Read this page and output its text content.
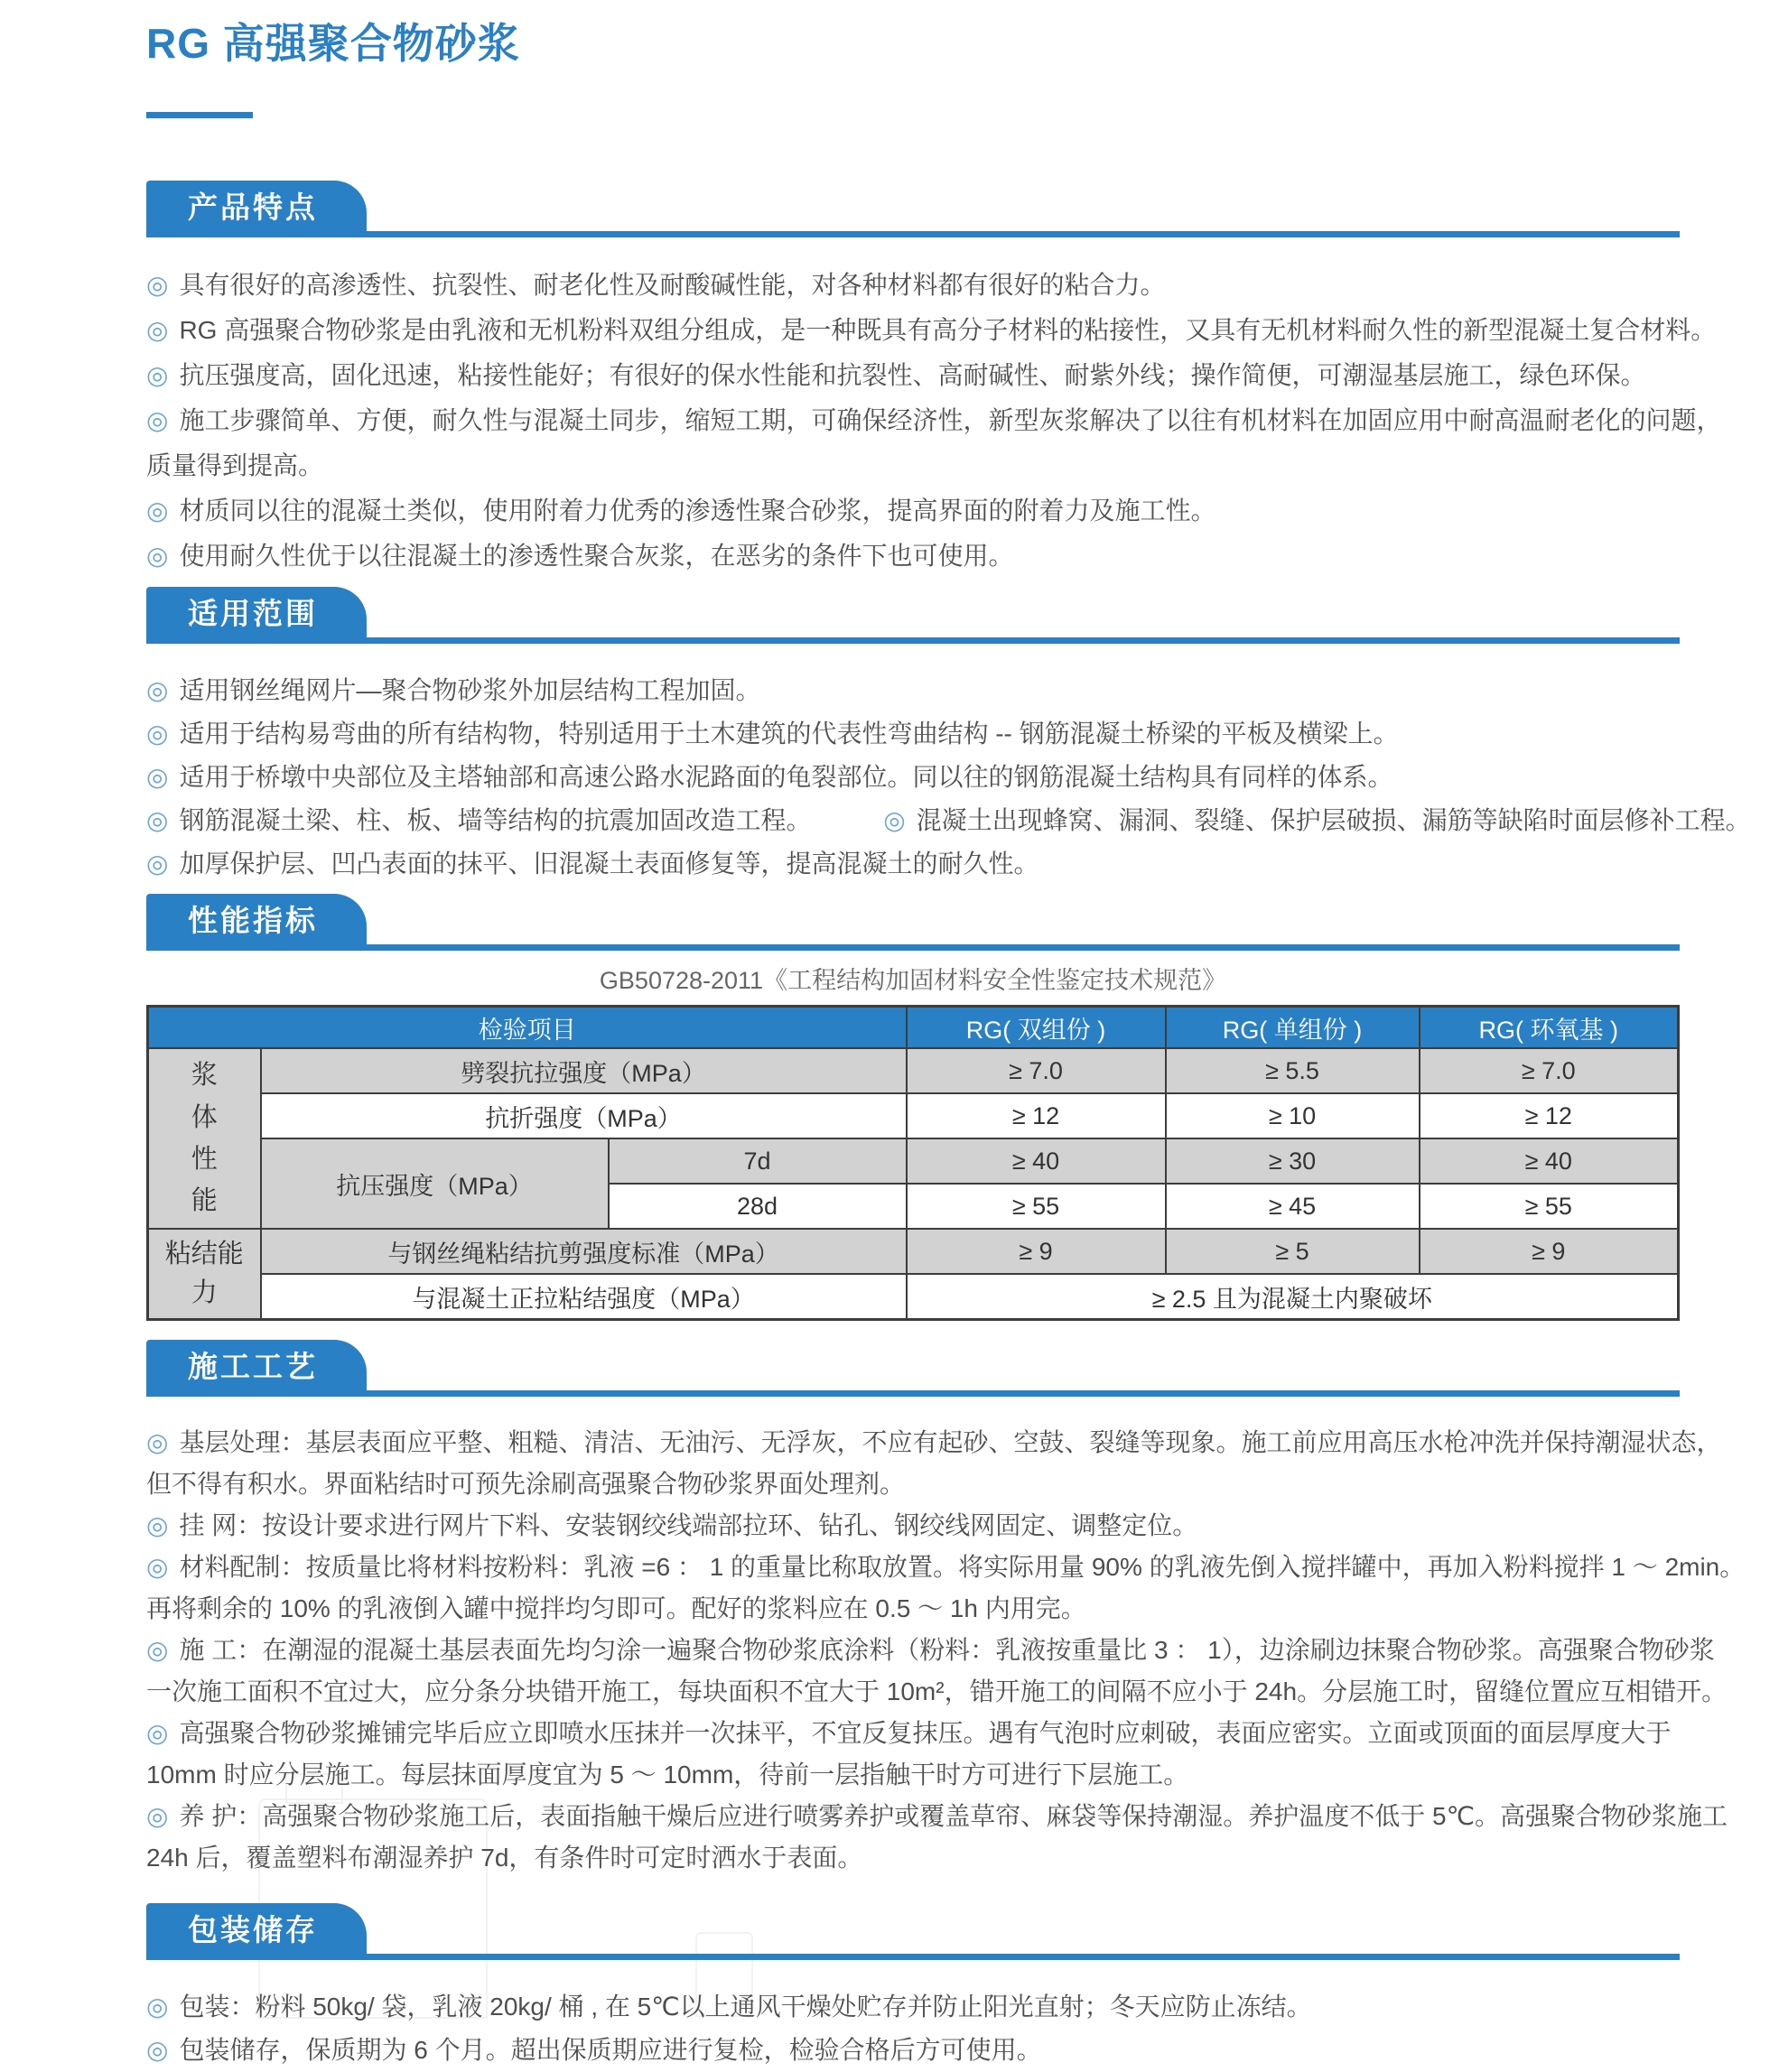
RG 高强聚合物砂浆
产品特点
◎ 具有很好的高渗透性、抗裂性、耐老化性及耐酸碱性能，对各种材料都有很好的粘合力。
◎ RG 高强聚合物砂浆是由乳液和无机粉料双组分组成，是一种既具有高分子材料的粘接性，又具有无机材料耐久性的新型混凝土复合材料。
◎ 抗压强度高，固化迅速，粘接性能好；有很好的保水性能和抗裂性、高耐碱性、耐紫外线；操作简便，可潮湿基层施工，绿色环保。
◎ 施工步骤简单、方便，耐久性与混凝土同步，缩短工期，可确保经济性，新型灰浆解决了以往有机材料在加固应用中耐高温耐老化的问题，
质量得到提高。
◎ 材质同以往的混凝土类似，使用附着力优秀的渗透性聚合砂浆，提高界面的附着力及施工性。
◎ 使用耐久性优于以往混凝土的渗透性聚合灰浆，在恶劣的条件下也可使用。
适用范围
◎ 适用钢丝绳网片—聚合物砂浆外加层结构工程加固。
◎ 适用于结构易弯曲的所有结构物，特别适用于土木建筑的代表性弯曲结构 -- 钢筋混凝土桥梁的平板及横梁上。
◎ 适用于桥墩中央部位及主塔轴部和高速公路水泥路面的龟裂部位。同以往的钢筋混凝土结构具有同样的体系。
◎ 钢筋混凝土梁、柱、板、墙等结构的抗震加固改造工程。	◎ 混凝土出现蜂窝、漏洞、裂缝、保护层破损、漏筋等缺陷时面层修补工程。
◎ 加厚保护层、凹凸表面的抹平、旧混凝土表面修复等，提高混凝土的耐久性。
性能指标
GB50728-2011《工程结构加固材料安全性鉴定技术规范》
检验项目			RG( 双组份 )	RG( 单组份 )	RG( 环氧基 )
浆体性能	劈裂抗拉强度（MPa）		≥ 7.0	≥ 5.5	≥ 7.0
	抗折强度（MPa）		≥ 12	≥ 10	≥ 12
	抗压强度（MPa）	7d	≥ 40	≥ 30	≥ 40
		28d	≥ 55	≥ 45	≥ 55
粘结能力	与钢丝绳粘结抗剪强度标准（MPa）		≥ 9	≥ 5	≥ 9
	与混凝土正拉粘结强度（MPa）		≥ 2.5 且为混凝土内聚破坏		
施工工艺
◎ 基层处理：基层表面应平整、粗糙、清洁、无油污、无浮灰，不应有起砂、空鼓、裂缝等现象。施工前应用高压水枪冲洗并保持潮湿状态，
但不得有积水。界面粘结时可预先涂刷高强聚合物砂浆界面处理剂。
◎ 挂 网：按设计要求进行网片下料、安装钢绞线端部拉环、钻孔、钢绞线网固定、调整定位。
◎ 材料配制：按质量比将材料按粉料：乳液 =6 ： 1 的重量比称取放置。将实际用量 90% 的乳液先倒入搅拌罐中，再加入粉料搅拌 1 ～ 2min。
再将剩余的 10% 的乳液倒入罐中搅拌均匀即可。配好的浆料应在 0.5 ～ 1h 内用完。
◎ 施 工：在潮湿的混凝土基层表面先均匀涂一遍聚合物砂浆底涂料（粉料：乳液按重量比 3 ： 1），边涂刷边抹聚合物砂浆。高强聚合物砂浆
一次施工面积不宜过大，应分条分块错开施工，每块面积不宜大于 10m²，错开施工的间隔不应小于 24h。分层施工时，留缝位置应互相错开。
◎ 高强聚合物砂浆摊铺完毕后应立即喷水压抹并一次抹平，不宜反复抹压。遇有气泡时应刺破，表面应密实。立面或顶面的面层厚度大于
10mm 时应分层施工。每层抹面厚度宜为 5 ～ 10mm，待前一层指触干时方可进行下层施工。
◎ 养 护：高强聚合物砂浆施工后，表面指触干燥后应进行喷雾养护或覆盖草帘、麻袋等保持潮湿。养护温度不低于 5℃。高强聚合物砂浆施工
24h 后，覆盖塑料布潮湿养护 7d，有条件时可定时洒水于表面。
包装储存
◎ 包装：粉料 50kg/ 袋，乳液 20kg/ 桶 , 在 5℃以上通风干燥处贮存并防止阳光直射；冬天应防止冻结。
◎ 包装储存，保质期为 6 个月。超出保质期应进行复检，检验合格后方可使用。
